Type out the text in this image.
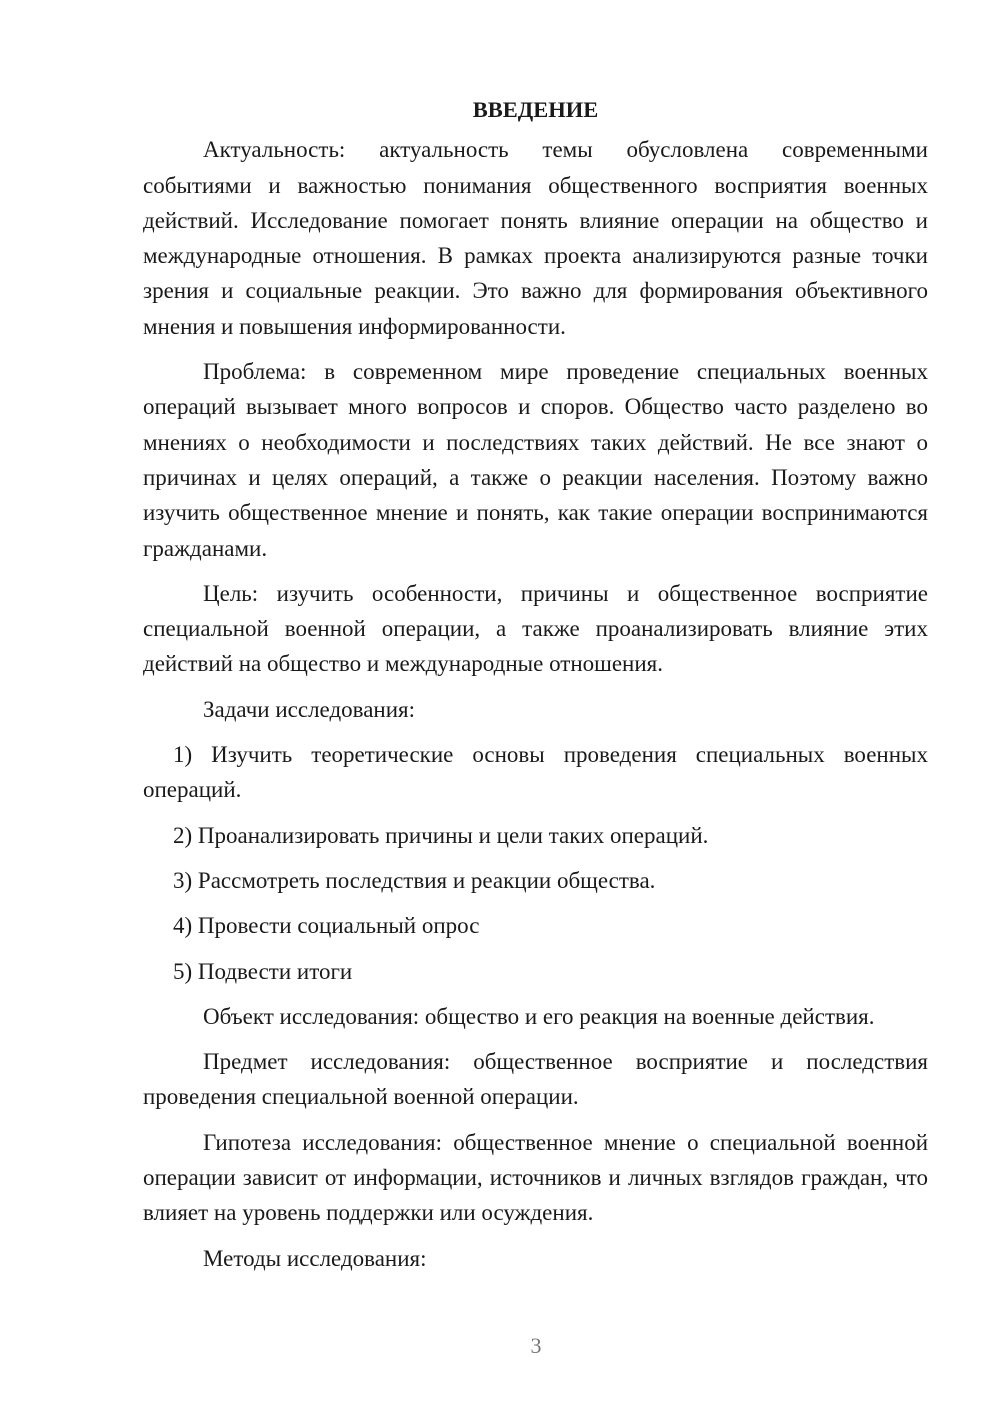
ВВЕДЕНИЕ

Актуальность: актуальность темы обусловлена современными событиями и важностью понимания общественного восприятия военных действий. Исследование помогает понять влияние операции на общество и международные отношения. В рамках проекта анализируются разные точки зрения и социальные реакции. Это важно для формирования объективного мнения и повышения информированности.

Проблема: в современном мире проведение специальных военных операций вызывает много вопросов и споров. Общество часто разделено во мнениях о необходимости и последствиях таких действий. Не все знают о причинах и целях операций, а также о реакции населения. Поэтому важно изучить общественное мнение и понять, как такие операции воспринимаются гражданами.

Цель: изучить особенности, причины и общественное восприятие специальной военной операции, а также проанализировать влияние этих действий на общество и международные отношения.

Задачи исследования:

1) Изучить теоретические основы проведения специальных военных операций.

2) Проанализировать причины и цели таких операций.

3) Рассмотреть последствия и реакции общества.

4) Провести социальный опрос

5) Подвести итоги

Объект исследования: общество и его реакция на военные действия.

Предмет исследования: общественное восприятие и последствия проведения специальной военной операции.

Гипотеза исследования: общественное мнение о специальной военной операции зависит от информации, источников и личных взглядов граждан, что влияет на уровень поддержки или осуждения.

Методы исследования:

3
